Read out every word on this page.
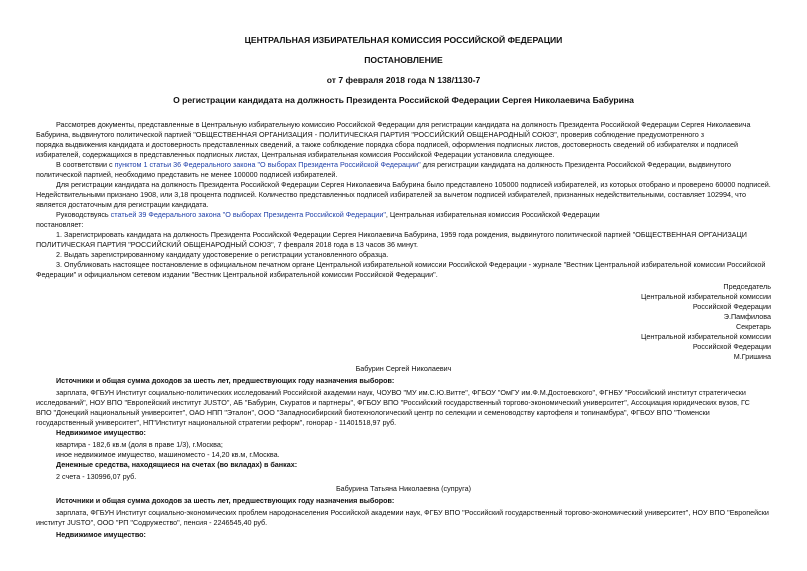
ЦЕНТРАЛЬНАЯ ИЗБИРАТЕЛЬНАЯ КОМИССИЯ РОССИЙСКОЙ ФЕДЕРАЦИИ
ПОСТАНОВЛЕНИЕ
от 7 февраля 2018 года N 138/1130-7
О регистрации кандидата на должность Президента Российской Федерации Сергея Николаевича Бабурина
Рассмотрев документы, представленные в Центральную избирательную комиссию Российской Федерации для регистрации кандидата на должность Президента Российской Федерации Сергея Николаевича
Бабурина, выдвинутого политической партией "ОБЩЕСТВЕННАЯ ОРГАНИЗАЦИЯ - ПОЛИТИЧЕСКАЯ ПАРТИЯ "РОССИЙСКИЙ ОБЩЕНАРОДНЫЙ СОЮЗ", проверив соблюдение предусмотренного з
порядка выдвижения кандидата и достоверность представленных сведений, а также соблюдение порядка сбора подписей, оформления подписных листов, достоверность сведений об избирателях и подписей
избирателей, содержащихся в представленных подписных листах, Центральная избирательная комиссия Российской Федерации установила следующее.
В соответствии с пунктом 1 статьи 36 Федерального закона "О выборах Президента Российской Федерации" для регистрации кандидата на должность Президента Российской Федерации, выдвинутого
политической партией, необходимо представить не менее 100000 подписей избирателей.
Для регистрации кандидата на должность Президента Российской Федерации Сергея Николаевича Бабурина было представлено 105000 подписей избирателей, из которых отобрано и проверено 60000 подписей.
Недействительными признано 1908, или 3,18 процента подписей. Количество представленных подписей избирателей за вычетом подписей избирателей, признанных недействительными, составляет 102994, что
является достаточным для регистрации кандидата.
Руководствуясь статьей 39 Федерального закона "О выборах Президента Российской Федерации", Центральная избирательная комиссия Российской Федерации
постановляет:
1. Зарегистрировать кандидата на должность Президента Российской Федерации Сергея Николаевича Бабурина, 1959 года рождения, выдвинутого политической партией "ОБЩЕСТВЕННАЯ ОРГАНИЗАЦИ
ПОЛИТИЧЕСКАЯ ПАРТИЯ "РОССИЙСКИЙ ОБЩЕНАРОДНЫЙ СОЮЗ", 7 февраля 2018 года в 13 часов 36 минут.
2. Выдать зарегистрированному кандидату удостоверение о регистрации установленного образца.
3. Опубликовать настоящее постановление в официальном печатном органе Центральной избирательной комиссии Российской Федерации - журнале "Вестник Центральной избирательной комиссии Российской
Федерации" и официальном сетевом издании "Вестник Центральной избирательной комиссии Российской Федерации".
Председатель
Центральной избирательной комиссии
Российской Федерации
Э.Памфилова
Секретарь
Центральной избирательной комиссии
Российской Федерации
М.Гришина
Бабурин Сергей Николаевич
Источники и общая сумма доходов за шесть лет, предшествующих году назначения выборов:
зарплата, ФГБУН Институт социально-политических исследований Российской академии наук, ЧОУВО "МУ им.С.Ю.Витте", ФГБОУ "ОмГУ им.Ф.М.Достоевского", ФГНБУ "Российский институт стратегически
исследований", НОУ ВПО "Европейский институт JUSTO", АБ "Бабурин, Скуратов и партнеры", ФГБОУ ВПО "Российский государственный торгово-экономический университет", Ассоциация юридических вузов, ГС
ВПО "Донецкий национальный университет", ОАО НПП "Эталон", ООО "Западносибирский биотехнологический центр по селекции и семеноводству картофеля и топинамбура", ФГБОУ ВПО "Тюменски
государственный университет", НП"Институт национальной стратегии реформ", гонорар - 11401518,97 руб.
Недвижимое имущество:
квартира - 182,6 кв.м (доля в праве 1/3), г.Москва;
иное недвижимое имущество, машиноместо - 14,20 кв.м, г.Москва.
Денежные средства, находящиеся на счетах (во вкладах) в банках:
2 счета - 130996,07 руб.
Бабурина Татьяна Николаевна (супруга)
Источники и общая сумма доходов за шесть лет, предшествующих году назначения выборов:
зарплата, ФГБУН Институт социально-экономических проблем народонаселения Российской академии наук, ФГБУ ВПО "Российский государственный торгово-экономический университет", НОУ ВПО "Европейски
институт JUSTO", ООО "РП "Содружество", пенсия - 2246545,40 руб.
Недвижимое имущество:
